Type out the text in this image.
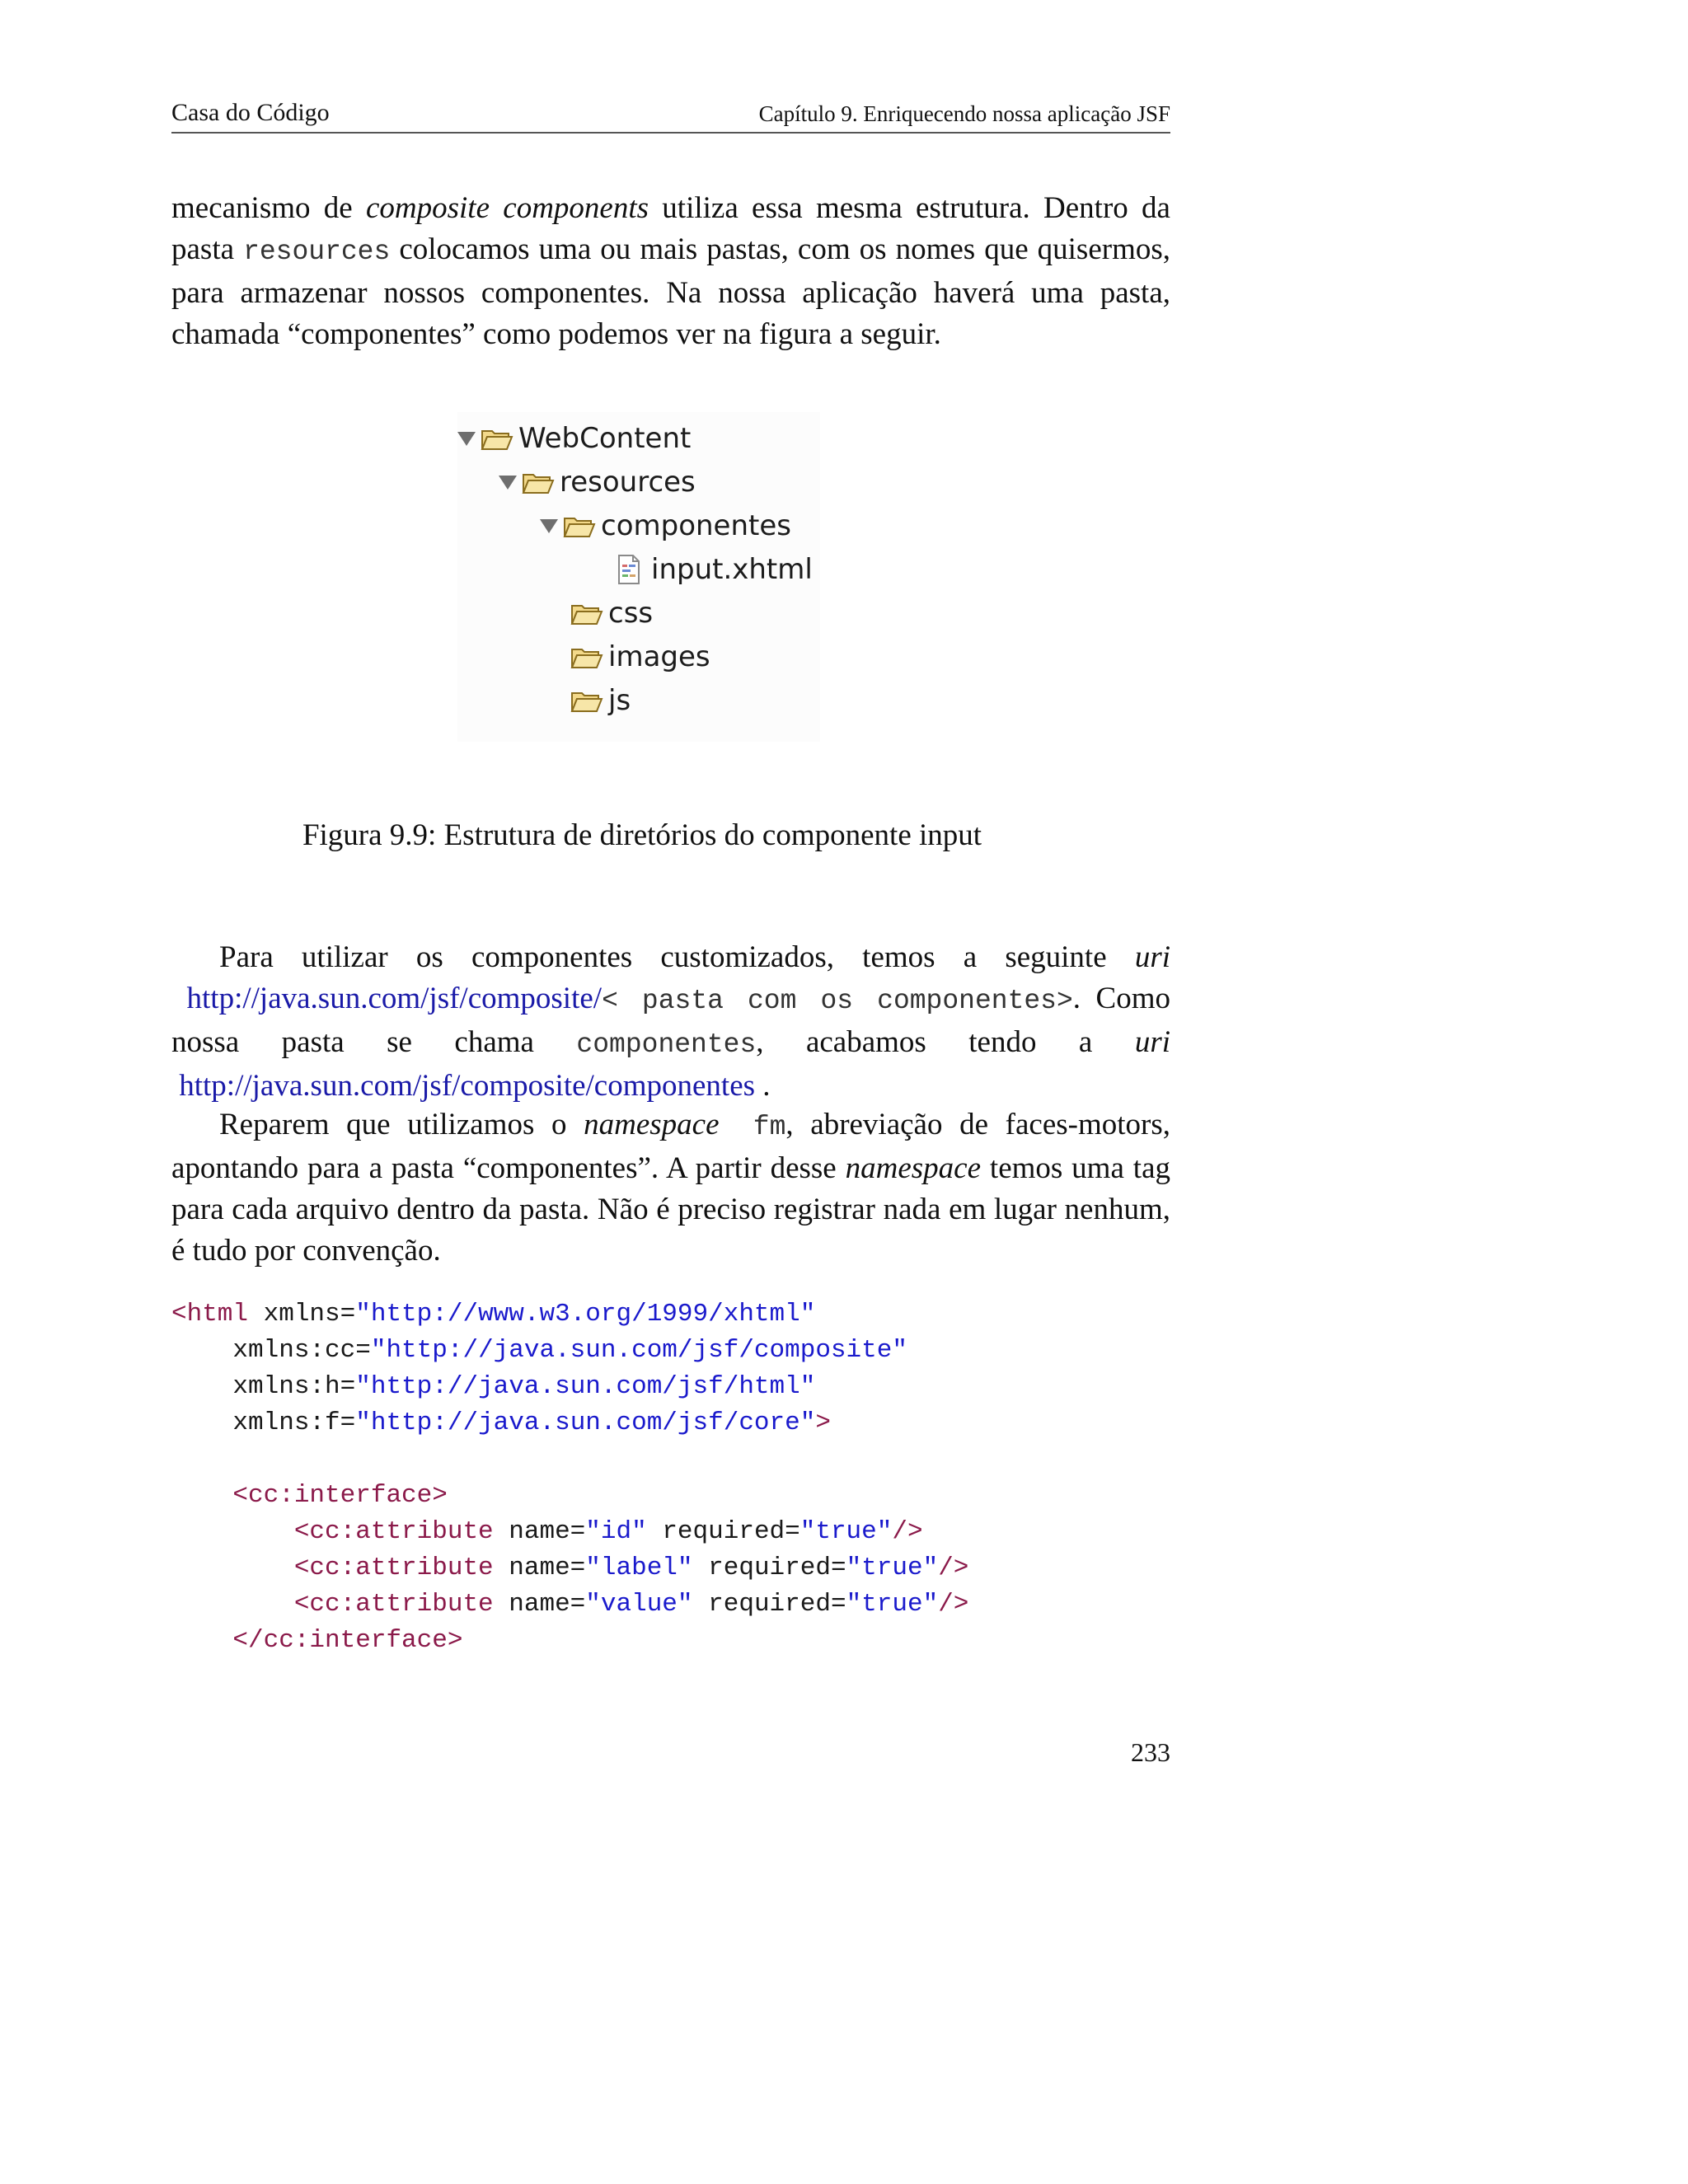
Casa do Código	Capítulo 9. Enriquecendo nossa aplicação JSF

mecanismo de composite components utiliza essa mesma estrutura. Dentro da pasta resources colocamos uma ou mais pastas, com os nomes que quisermos, para armazenar nossos componentes. Na nossa aplicação haverá uma pasta, chamada “componentes” como podemos ver na figura a seguir.

WebContent
resources
componentes
input.xhtml
css
images
js
Figura 9.9: Estrutura de diretórios do componente input

Para utilizar os componentes customizados, temos a seguinte uri  http://java.sun.com/jsf/composite/< pasta com os componentes>. Como nossa pasta se chama componentes, acabamos tendo a uri  http://java.sun.com/jsf/composite/componentes .

Reparem que utilizamos o namespace fm, abreviação de faces-motors, apontando para a pasta “componentes”. A partir desse namespace temos uma tag para cada arquivo dentro da pasta. Não é preciso registrar nada em lugar nenhum, é tudo por convenção.

<html xmlns="http://www.w3.org/1999/xhtml"
xmlns:cc="http://java.sun.com/jsf/composite"
xmlns:h="http://java.sun.com/jsf/html"
xmlns:f="http://java.sun.com/jsf/core">

<cc:interface>
<cc:attribute name="id" required="true"/>
<cc:attribute name="label" required="true"/>
<cc:attribute name="value" required="true"/>
</cc:interface>
233
